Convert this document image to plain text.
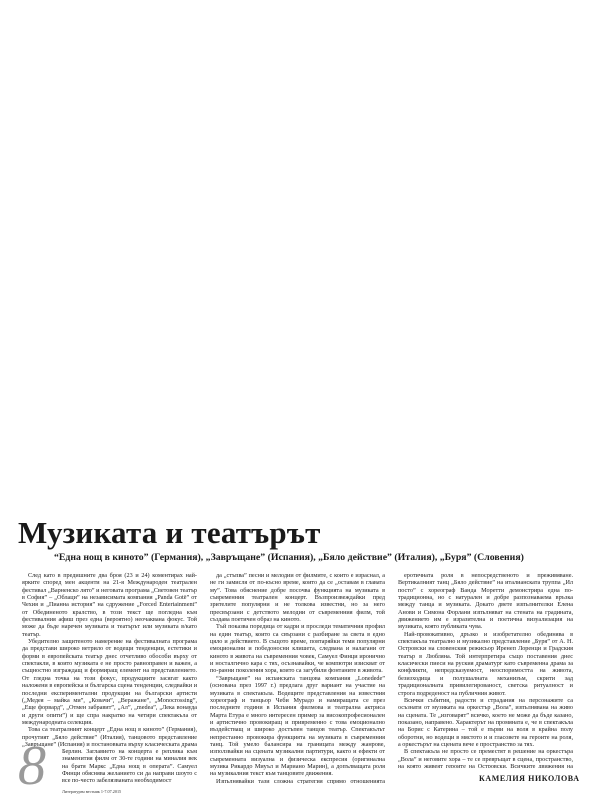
Музиката и театърът
“Една нощ в киното” (Германия), „Завръщане” (Испания), „Бяло действие” (Италия), „Буря” (Словения)

След като в предишните два броя (23 и 24) коментирах най-ярките според мен акценти на 21-я Международен театрален фестивал „Варненско лято” и неговата програма „Световен театър в София” – „Облаци” на независимата компания „Panda Gotë” от Чехия и „Пианна история” на сдружение „Forced Entertainment” от Обединеното кралство, в този текст ще погледна към фестивалния афиш през една (вероятно) неочаквана фокус. Той може да бъде наречен музиката и театърът или музиката в/като театър.

Убедително защитеното намерение на фестивалната програма да представи широко ветрило от водещи тенденции, естетики и форми в европейската театър днес отчетливо обособи върху от спектакли, в които музиката е не просто равноправен и важен, а същностно изграждащ и формиращ елемент на представлението. От гледна точка на този фокус, продукциите засягат както наложени в европейска и българска сцена тенденции, следвайки и последни експериментални продукции на български артисти („Медея – майка ми”, „Ковачи”, „Веражане”, „Monocrossing”, „Еще форвард”, „Отмен забравит”, „Ал”, „medea”, „Лека вонауда и други опити”) и ще спра накратко на четири спектакъла от международната селекция.

Това са театралният концерт „Една нощ в киното” (Германия), прочутият „Бяло действие” (Италия), танцовото представление „Завръщане” (Испания) и постановката върху класическата драма

8	Берлин. Заглавието на концерта е реплика към знаменития филм от 30-те години на миналия век на братя Маркс „Една нощ в операта”. Самуел Финци обяснява желанието си да направи шоуто с все по-често забелязваната необходимост

Литературен вестник 1-7.07.2015

да „стъпва” песни и мелодии от филмите, с които е израснал, а не ги замисля от по-късно време, които да се „оставам в главата му”. Това обяснение добре посочва функцията на музиката в съвременния театрален концерт. Възпроизвеждайки пред зрителите популярни и не толкова известни, но за него пресвързани с детството мелодии от съвременния филм, той създава поетичен образ на киното.

Тъй показва поредица от кадри и проследи тематичния профил на един театър, които са свързани с разбиране за света в едно цяло и действието. В същото време, повтаряйки теми популярни емоционални и победоносни клишета, следвана и налагани от киното в живота на съвременния човек, Самуел Финци иронично и носталгично кара с тях, осъзнавайки, че компютри изискват от по-ранни поколения хора, които са загубили фонтаните в живота.

“Завръщане” на испанската танцова компания „Lonedede” (основана през 1997 г.) предлага друг вариант на участие на музиката в спектакъла. Водещите представления на известния хореограф и танцьор Чеби Мурадо и намиращата се през последните години в Испания филмова и театрална актриса Марта Етура е много интересен пример за високопрофесионален и артистично провокиращ и привременно с това емоционално въздействащ и широко достъпен танцов театър. Спектакълът непрестанно провокира функцията на музиката в съвременния танц. Той умело балансира на границата между жанрове, използвайки на сцената музикални партитури, както и ефекти от съвременната визуална и физическа експресия (оригинална музика Рикардо Миуъл и Мариано Марин), а допълващата роля на музикалния текст към танцовите движения.

Изпълнявайки тази сложна стратегия спрямо отношенията

еротичната роля в непосредственото и преживяване. Вертикалният танц „Бяло действие” на италианската труппа „Ил посто” с хореограф Ванда Моретти демонстрира една по-традиционна, но с натурален и добре разпознаваема връзка между танца и музиката. Докато двете изпълнителки Елена Анови и Симона Форлани изпълняват на стената на градината, движението им е изразителна и поетична визуализация на музиката, която публиката чува.

Най-провокативно, дръзко и изобретателно обединява в спектакъла театрално и музикално представление „Буря” от А. Н. Островски на словенския режисьор Иренеп Лоренци и Градския театър в Любляна. Той интерпретира също поставения днес класически пиеси на руския драматург като съвременна драма за конфликти, непредсказуемост, неоспоримостта на живота, безизходица и полушалната механизъм, скрити зад традиционалната привилегированост, светска ритуалност и строга подреденост на публичния живот.

Всички събития, радости и страдания на персонажите са осъзнати от музиката на оркестър „Вола”, изпълнявана на живо на сцената. Те „изговарят” всичко, което не може да бъде казано, показано, направено. Характерът на промяната е, че в спектакъла на Борис с Катерина – той е първи на воля в крайна полу оборотни, но водещи в мястото и и гласовете на героите на роля, а оркестърът на сцената вече е пространство за тях.

В спектакъла не просто се преместят в решение на оркестъра „Вола” и неговите хора – те се превръщат в сцена, пространство, на която живеят героите на Островски. Всичките движения на

КАМЕЛИЯ НИКОЛОВА
